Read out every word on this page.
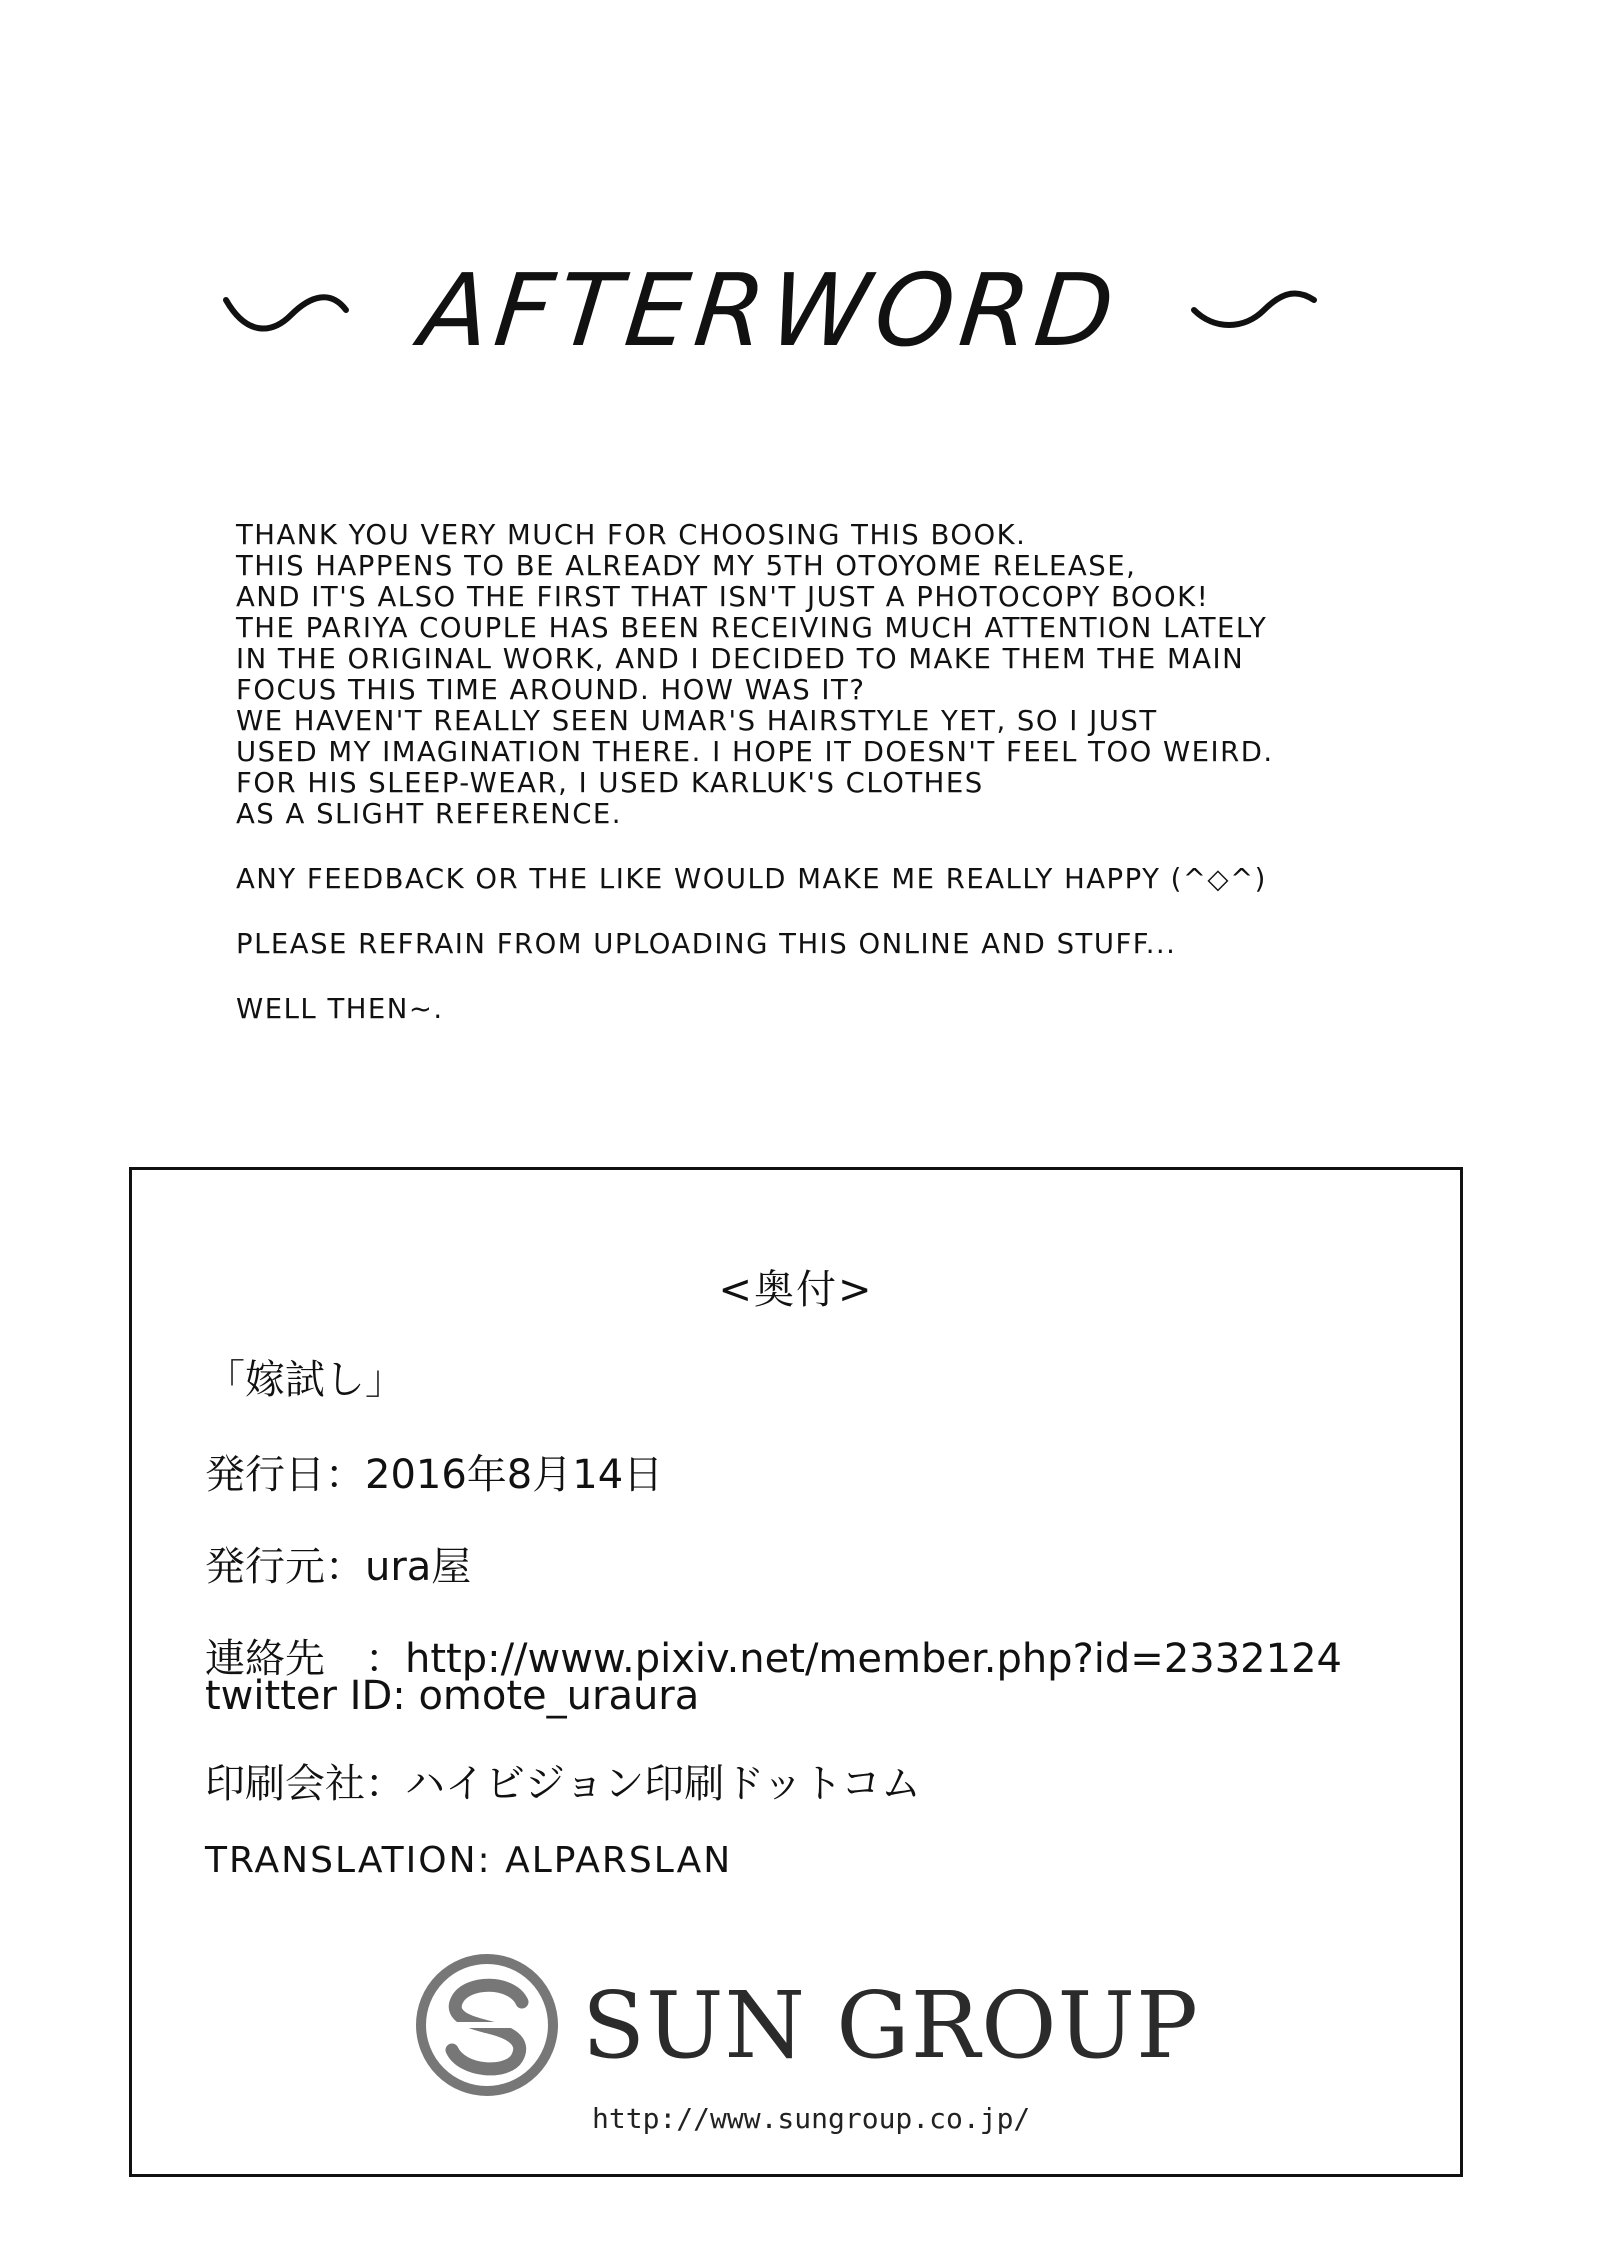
AFTERWORD
THANK YOU VERY MUCH FOR CHOOSING THIS BOOK.
THIS HAPPENS TO BE ALREADY MY 5TH OTOYOME RELEASE,
AND IT'S ALSO THE FIRST THAT ISN'T JUST A PHOTOCOPY BOOK!
THE PARIYA COUPLE HAS BEEN RECEIVING MUCH ATTENTION LATELY
IN THE ORIGINAL WORK, AND I DECIDED TO MAKE THEM THE MAIN
FOCUS THIS TIME AROUND. HOW WAS IT?
WE HAVEN'T REALLY SEEN UMAR'S HAIRSTYLE YET, SO I JUST
USED MY IMAGINATION THERE. I HOPE IT DOESN'T FEEL TOO WEIRD.
FOR HIS SLEEP-WEAR, I USED KARLUK'S CLOTHES
AS A SLIGHT REFERENCE.

ANY FEEDBACK OR THE LIKE WOULD MAKE ME REALLY HAPPY (^◇^)

PLEASE REFRAIN FROM UPLOADING THIS ONLINE AND STUFF...

WELL THEN~.

<奥付>
「嫁試し」
発行日：2016年8月14日
発行元：ura屋
連絡先　：http://www.pixiv.net/member.php?id=2332124
twitter ID: omote_uraura
印刷会社：ハイビジョン印刷ドットコム
TRANSLATION: ALPARSLAN
SUN GROUP
http://www.sungroup.co.jp/
